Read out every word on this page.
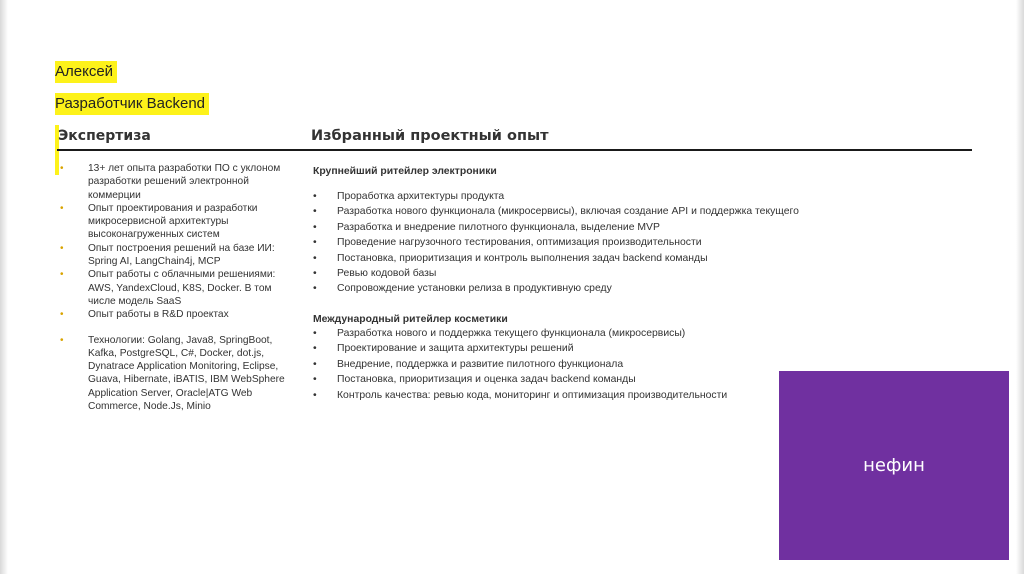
Алексей
Разработчик Backend
Экспертиза	Избранный проектный опыт
• 13+ лет опыта разработки ПО с уклоном разработки решений электронной коммерции
• Опыт проектирования и разработки микросервисной архитектуры высоконагруженных систем
• Опыт построения решений на базе ИИ: Spring AI, LangChain4j, MCP
• Опыт работы с облачными решениями: AWS, YandexCloud, K8S, Docker. В том числе модель SaaS
• Опыт работы в R&D проектах
• Технологии: Golang, Java8, SpringBoot, Kafka, PostgreSQL, C#, Docker, dot.js, Dynatrace Application Monitoring, Eclipse, Guava, Hibernate, iBATIS, IBM WebSphere Application Server, Oracle|ATG Web Commerce, Node.Js, Minio
Крупнейший ритейлер электроники
• Проработка архитектуры продукта
• Разработка нового функционала (микросервисы), включая создание API и поддержка текущего
• Разработка и внедрение пилотного функционала, выделение MVP
• Проведение нагрузочного тестирования, оптимизация производительности
• Постановка, приоритизация и контроль выполнения задач backend команды
• Ревью кодовой базы
• Сопровождение установки релиза в продуктивную среду
Международный ритейлер косметики
• Разработка нового и поддержка текущего функционала (микросервисы)
• Проектирование и защита архитектуры решений
• Внедрение, поддержка и развитие пилотного функционала
• Постановка, приоритизация и оценка задач backend команды
• Контроль качества: ревью кода, мониторинг и оптимизация производительности
нефин
